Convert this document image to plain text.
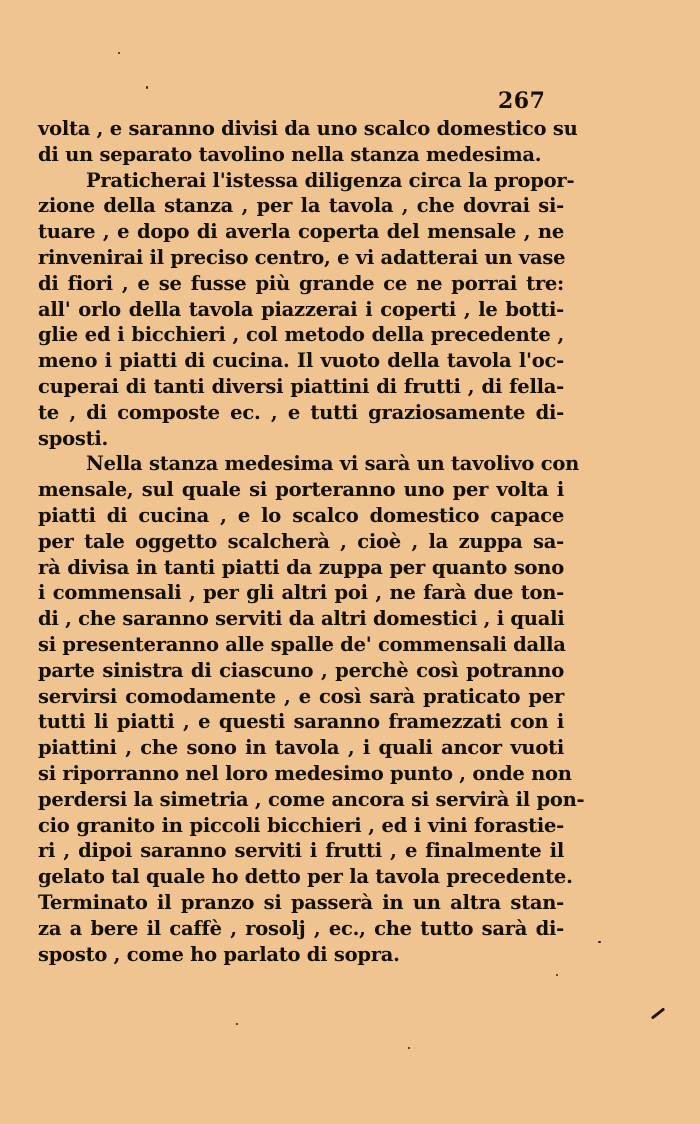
267
volta , e saranno divisi da uno scalco domestico su
di un separato tavolino nella stanza medesima.
Praticherai l'istessa diligenza circa la propor-
zione della stanza , per la tavola , che dovrai si-
tuare , e dopo di averla coperta del mensale , ne
rinvenirai il preciso centro, e vi adatterai un vase
di fiori , e se fusse più grande ce ne porrai tre:
all' orlo della tavola piazzerai i coperti , le botti-
glie ed i bicchieri , col metodo della precedente ,
meno i piatti di cucina. Il vuoto della tavola l'oc-
cuperai di tanti diversi piattini di frutti , di fella-
te , di composte ec. , e tutti graziosamente di-
sposti.
Nella stanza medesima vi sarà un tavolivo con
mensale, sul quale si porteranno uno per volta i
piatti di cucina , e lo scalco domestico capace
per tale oggetto scalcherà , cioè , la zuppa sa-
rà divisa in tanti piatti da zuppa per quanto sono
i commensali , per gli altri poi , ne farà due ton-
di , che saranno serviti da altri domestici , i quali
si presenteranno alle spalle de' commensali dalla
parte sinistra di ciascuno , perchè così potranno
servirsi comodamente , e così sarà praticato per
tutti li piatti , e questi saranno framezzati con i
piattini , che sono in tavola , i quali ancor vuoti
si riporranno nel loro medesimo punto , onde non
perdersi la simetria , come ancora si servirà il pon-
cio granito in piccoli bicchieri , ed i vini forastie-
ri , dipoi saranno serviti i frutti , e finalmente il
gelato tal quale ho detto per la tavola precedente.
Terminato il pranzo si passerà in un altra stan-
za a bere il caffè , rosolj , ec., che tutto sarà di-
sposto , come ho parlato di sopra.
